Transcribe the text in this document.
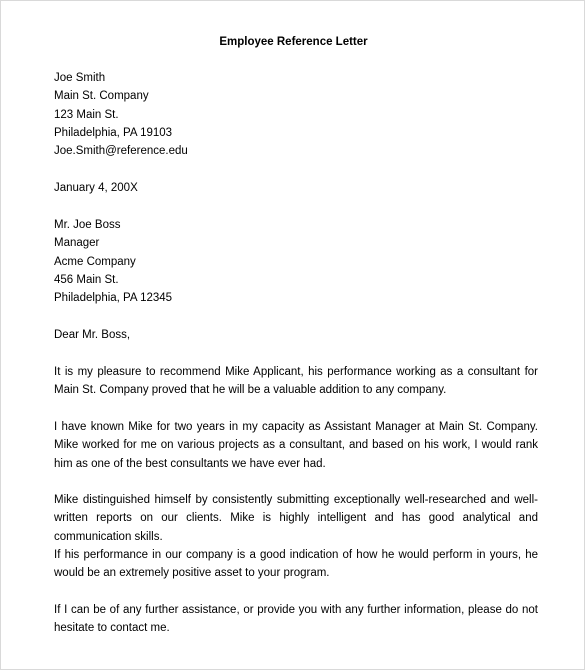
Employee Reference Letter
Joe Smith
Main St. Company
123 Main St.
Philadelphia, PA 19103
Joe.Smith@reference.edu
January 4, 200X
Mr. Joe Boss
Manager
Acme Company
456 Main St.
Philadelphia, PA 12345
Dear Mr. Boss,

It is my pleasure to recommend Mike Applicant, his performance working as a consultant for Main St. Company proved that he will be a valuable addition to any company.

I have known Mike for two years in my capacity as Assistant Manager at Main St. Company. Mike worked for me on various projects as a consultant, and based on his work, I would rank him as one of the best consultants we have ever had.

Mike distinguished himself by consistently submitting exceptionally well-researched and well-written reports on our clients. Mike is highly intelligent and has good analytical and communication skills.

If his performance in our company is a good indication of how he would perform in yours, he would be an extremely positive asset to your program.

If I can be of any further assistance, or provide you with any further information, please do not hesitate to contact me.
